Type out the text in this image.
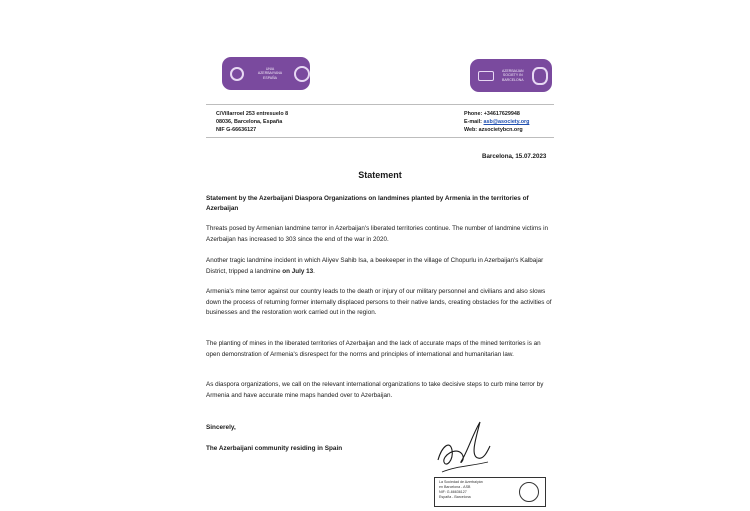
UNIA AZERBAIYANA
ESPAÑA
AZERBAIJAN
SOCIETY IN
BARCELONA
C/Villarroel 253 entresuelo 8
08036, Barcelona, España
NIF G-66636127
Phone: +34617629948
E-mail: asb@asociety.org
Web: azsocietybcn.org
Barcelona, 15.07.2023
Statement
Statement by the Azerbaijani Diaspora Organizations on landmines planted by Armenia in the territories of Azerbaijan
Threats posed by Armenian landmine terror in Azerbaijan's liberated territories continue. The number of landmine victims in Azerbaijan has increased to 303 since the end of the war in 2020.
Another tragic landmine incident in which Aliyev Sahib Isa, a beekeeper in the village of Chopurlu in Azerbaijan's Kalbajar District, tripped a landmine on July 13.
Armenia's mine terror against our country leads to the death or injury of our military personnel and civilians and also slows down the process of returning former internally displaced persons to their native lands, creating obstacles for the activities of businesses and the restoration work carried out in the region.
The planting of mines in the liberated territories of Azerbaijan and the lack of accurate maps of the mined territories is an open demonstration of Armenia's disrespect for the norms and principles of international and humanitarian law.
As diaspora organizations, we call on the relevant international organizations to take decisive steps to curb mine terror by Armenia and have accurate mine maps handed over to Azerbaijan.
Sincerely,
The Azerbaijani community residing in Spain
La Sociedad de Azerbaiyán
en Barcelona - ASB
NIF: G-66636127
España - Barcelona
